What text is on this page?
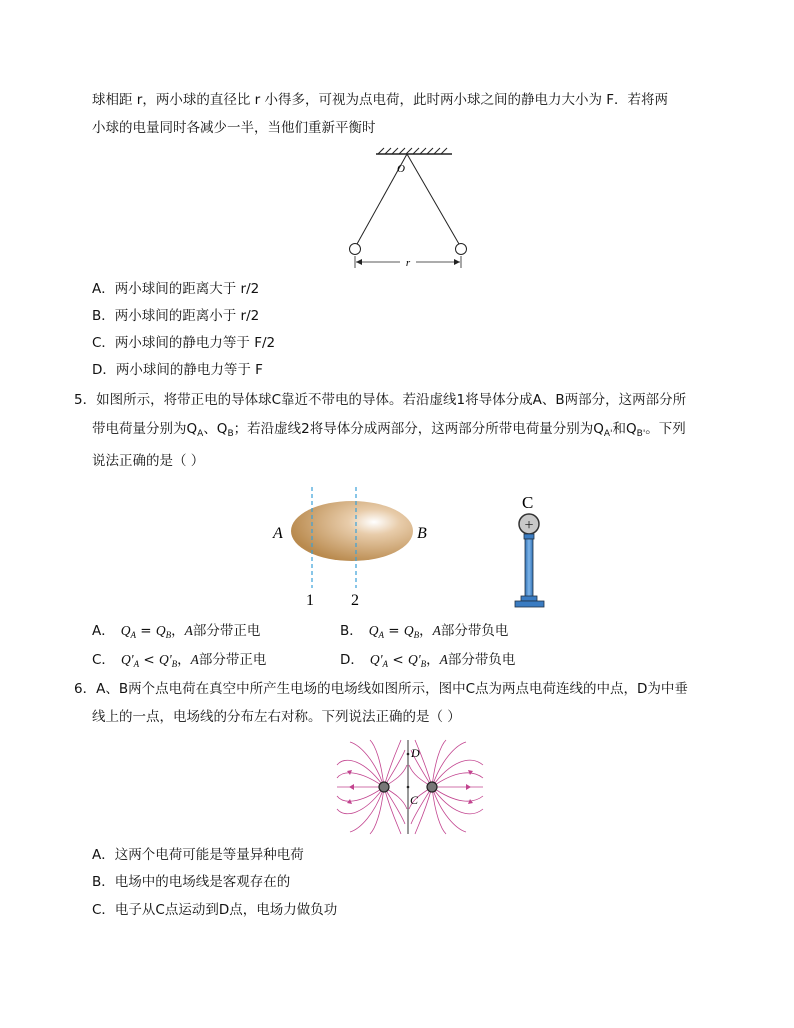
球相距 r，两小球的直径比 r 小得多，可视为点电荷，此时两小球之间的静电力大小为 F．若将两
小球的电量同时各减少一半，当他们重新平衡时
r
O
A．两小球间的距离大于 r/2
B．两小球间的距离小于 r/2
C．两小球间的静电力等于 F/2
D．两小球间的静电力等于 F
5．如图所示，将带正电的导体球C靠近不带电的导体。若沿虚线1将导体分成A、B两部分，这两部分所
带电荷量分别为$Q_A$、$Q_B$；若沿虚线2将导体分成两部分，这两部分所带电荷量分别为$Q_{A'}$和$Q_{B'}$。下列
说法正确的是（ ）
A	B
1 2
C
+
A． $Q_A = Q_B$，A部分带正电	B． $Q_A = Q_B$，A部分带负电
C． $Q'_A < Q'_B$，A部分带正电	D． $Q'_A < Q'_B$，A部分带负电
6．A、B两个点电荷在真空中所产生电场的电场线如图所示，图中C点为两点电荷连线的中点，D为中垂
线上的一点，电场线的分布左右对称。下列说法正确的是（ ）
D
C
A．这两个电荷可能是等量异种电荷
B．电场中的电场线是客观存在的
C．电子从C点运动到D点，电场力做负功
